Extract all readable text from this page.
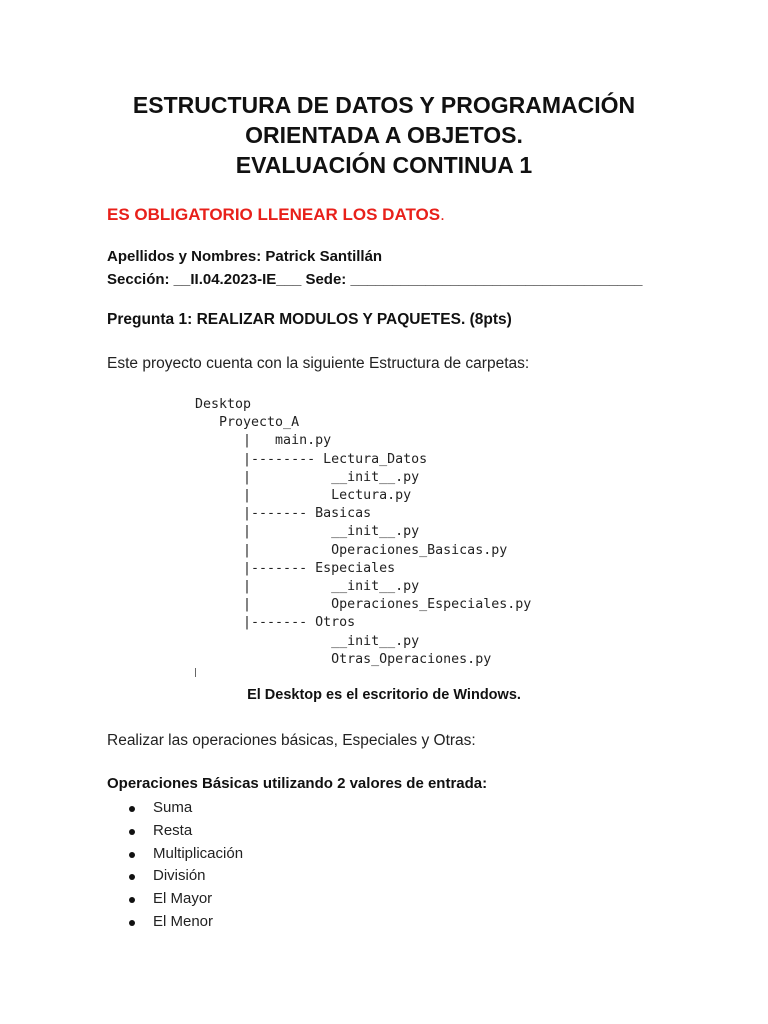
ESTRUCTURA DE DATOS Y PROGRAMACIÓN
ORIENTADA A OBJETOS.
EVALUACIÓN CONTINUA 1
ES OBLIGATORIO LLENEAR LOS DATOS.
Apellidos y Nombres: Patrick Santillán
Sección: __II.04.2023-IE___ Sede: ___________________________________
Pregunta 1: REALIZAR MODULOS Y PAQUETES. (8pts)
Este proyecto cuenta con la siguiente Estructura de carpetas:
Desktop
Proyecto_A
|   main.py
|-------- Lectura_Datos
|          __init__.py
|          Lectura.py
|------- Basicas
|          __init__.py
|          Operaciones_Basicas.py
|------- Especiales
|          __init__.py
|          Operaciones_Especiales.py
|------- Otros
__init__.py
Otras_Operaciones.py

El Desktop es el escritorio de Windows.
Realizar las operaciones básicas, Especiales y Otras:
Operaciones Básicas utilizando 2 valores de entrada:
Suma
Resta
Multiplicación
División
El Mayor
El Menor
